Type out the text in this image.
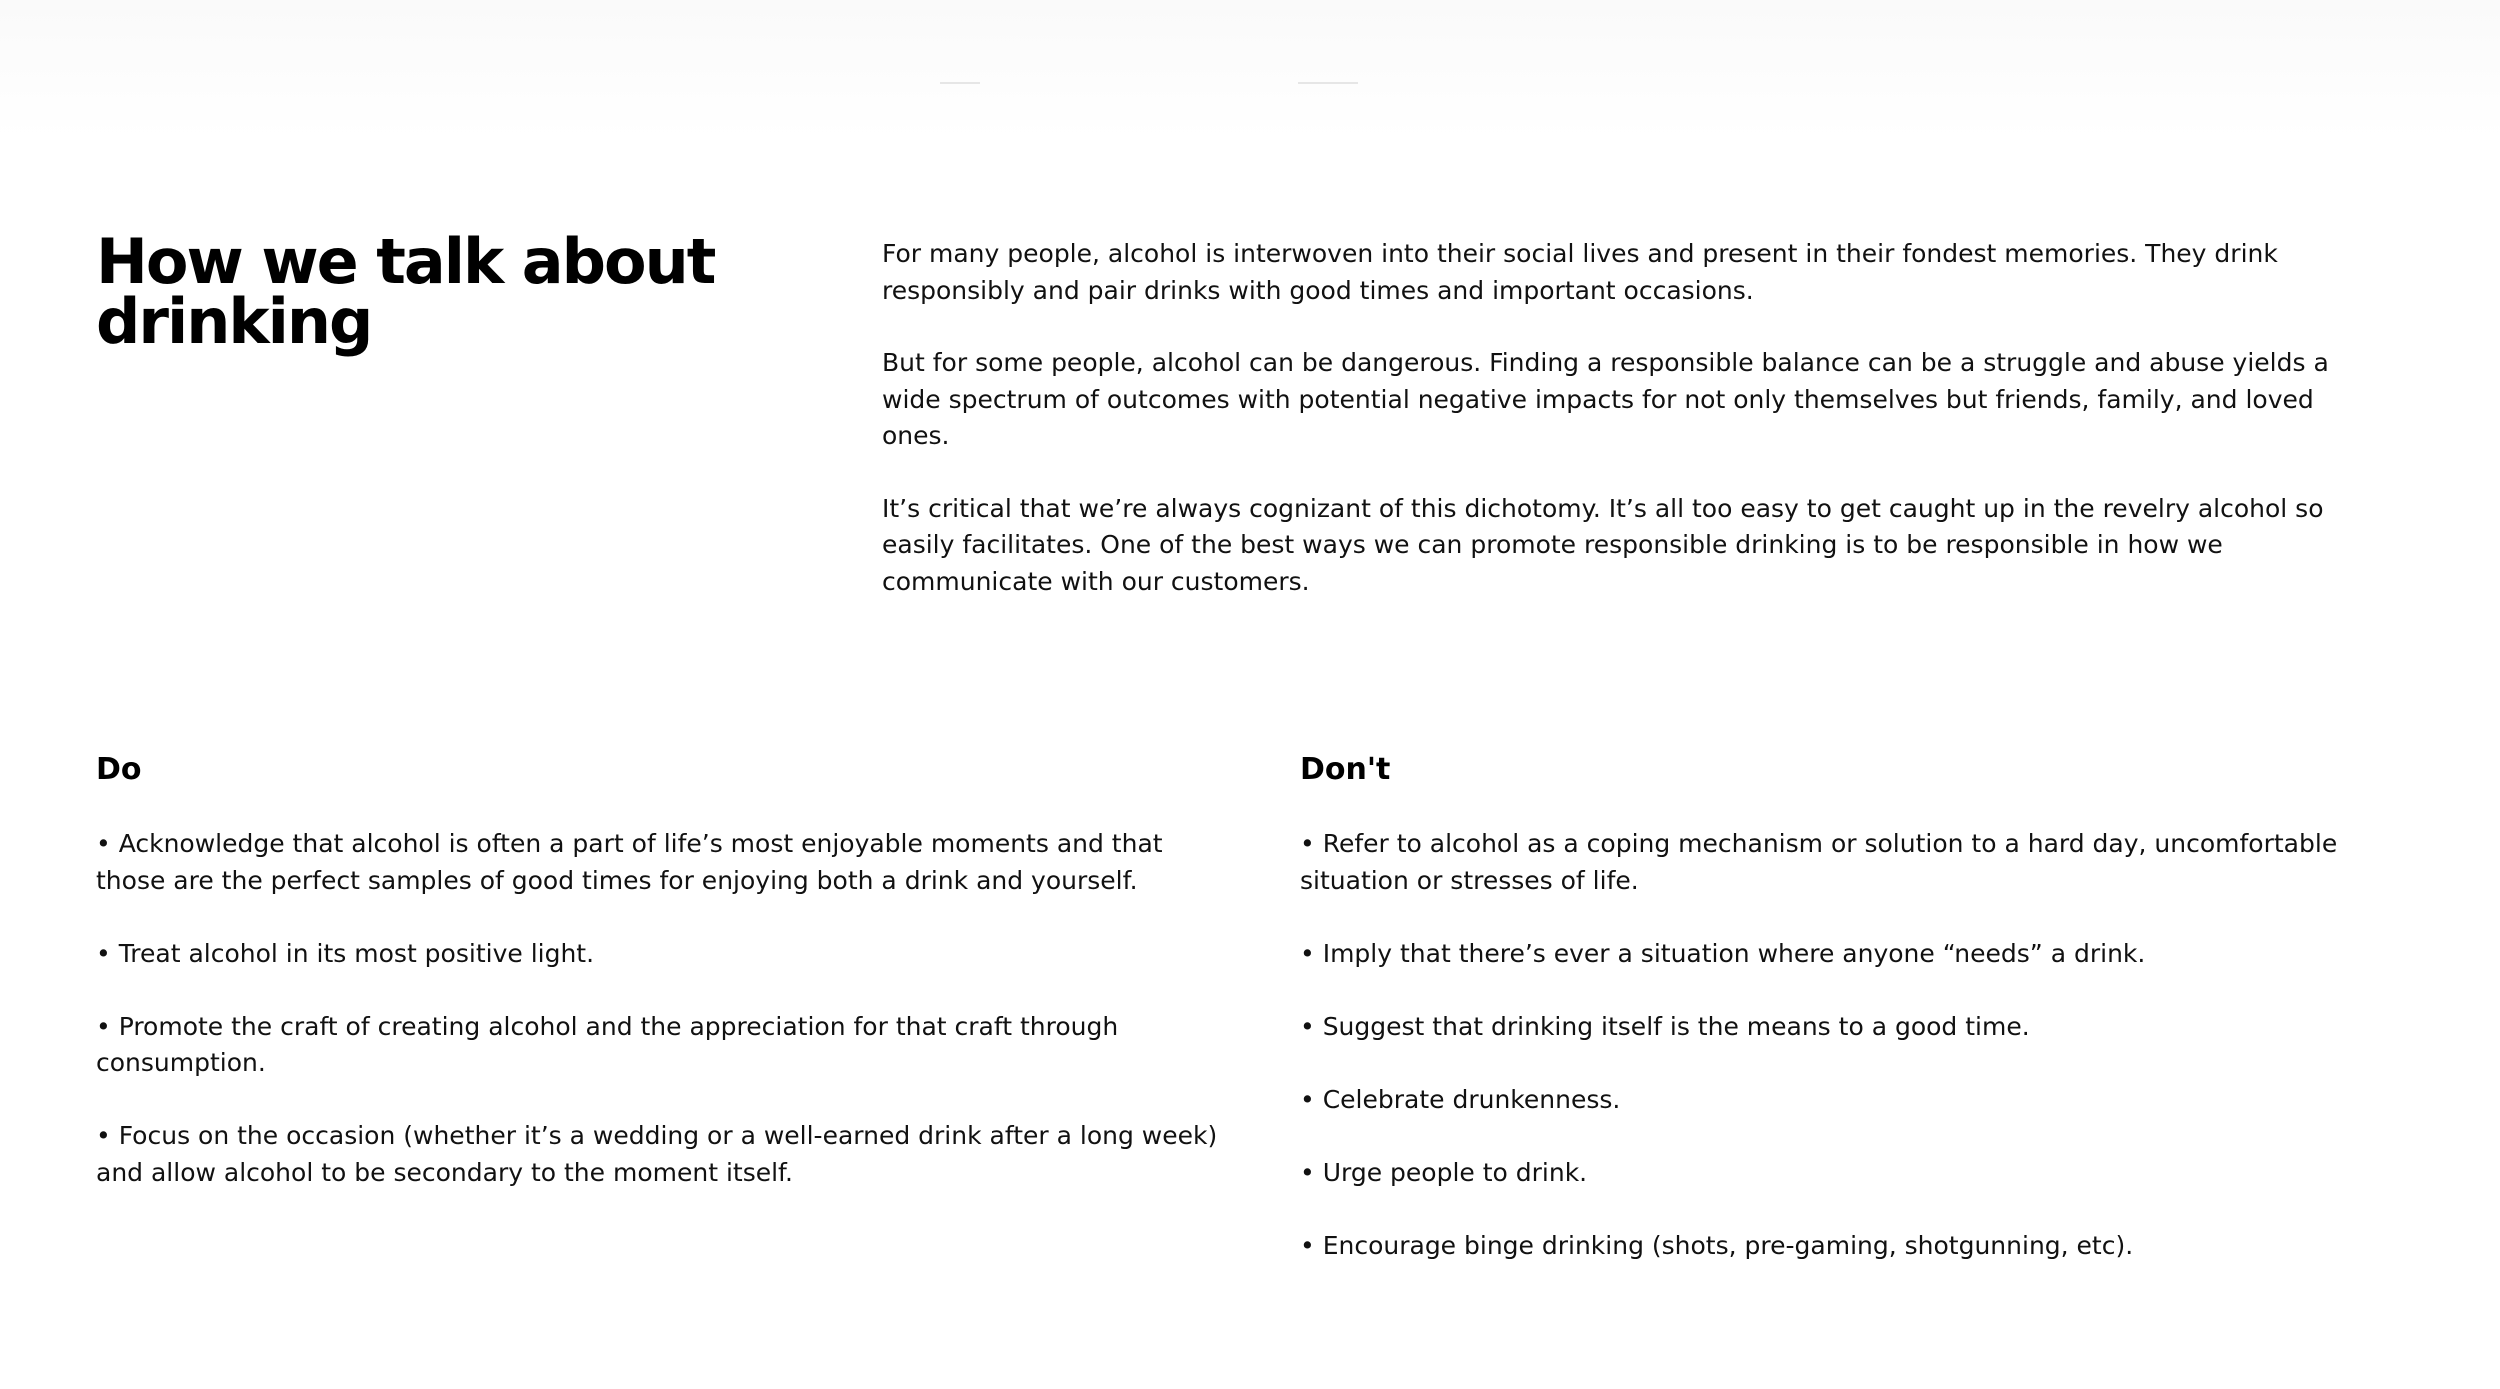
How we talk about drinking

For many people, alcohol is interwoven into their social lives and present in their fondest memories. They drink responsibly and pair drinks with good times and important occasions.

But for some people, alcohol can be dangerous. Finding a responsible balance can be a struggle and abuse yields a wide spectrum of outcomes with potential negative impacts for not only themselves but friends, family, and loved ones.

It’s critical that we’re always cognizant of this dichotomy. It’s all too easy to get caught up in the revelry alcohol so easily facilitates. One of the best ways we can promote responsible drinking is to be responsible in how we communicate with our customers.

Do
• Acknowledge that alcohol is often a part of life’s most enjoyable moments and that those are the perfect samples of good times for enjoying both a drink and yourself.
• Treat alcohol in its most positive light.
• Promote the craft of creating alcohol and the appreciation for that craft through consumption.
• Focus on the occasion (whether it’s a wedding or a well-earned drink after a long week) and allow alcohol to be secondary to the moment itself.
Don't
• Refer to alcohol as a coping mechanism or solution to a hard day, uncomfortable situation or stresses of life.
• Imply that there’s ever a situation where anyone “needs” a drink.
• Suggest that drinking itself is the means to a good time.
• Celebrate drunkenness.
• Urge people to drink.
• Encourage binge drinking (shots, pre-gaming, shotgunning, etc).
